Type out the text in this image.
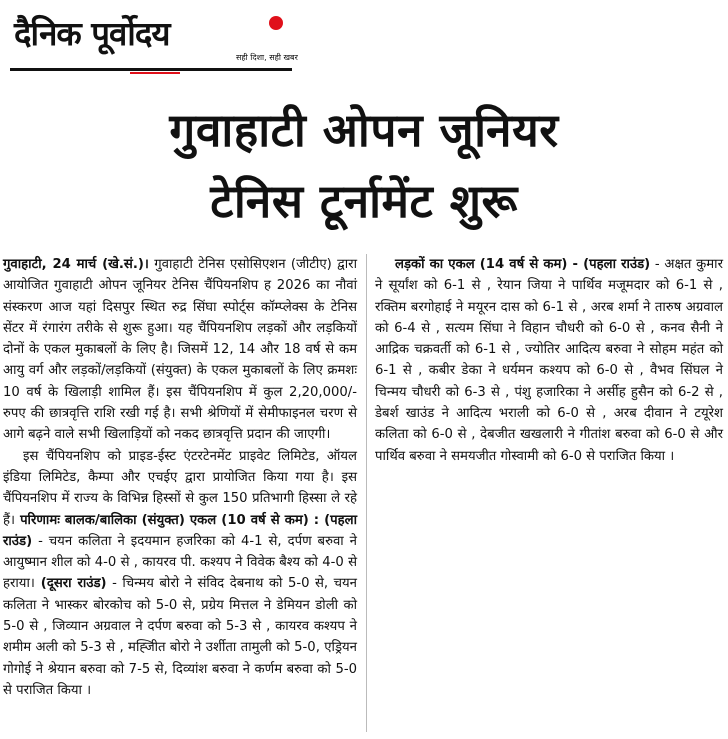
दैनिक पूर्वोदय
सही दिशा, सही खबर
गुवाहाटी ओपन जूनियर
टेनिस टूर्नामेंट शुरू

गुवाहाटी, 24 मार्च (खे.सं.)। गुवाहाटी टेनिस एसोसिएशन (जीटीए) द्वारा आयोजित गुवाहाटी ओपन जूनियर टेनिस चैंपियनशिप ह 2026 का नौवां संस्करण आज यहां दिसपुर स्थित रुद्र सिंघा स्पोर्ट्स कॉम्प्लेक्स के टेनिस सेंटर में रंगारंग तरीके से शुरू हुआ। यह चैंपियनशिप लड़कों और लड़कियों दोनों के एकल मुकाबलों के लिए है। जिसमें 12, 14 और 18 वर्ष से कम आयु वर्ग और लड़कों/लड़कियों (संयुक्त) के एकल मुकाबलों के लिए क्रमशः 10 वर्ष के खिलाड़ी शामिल हैं। इस चैंपियनशिप में कुल 2,20,000/- रुपए की छात्रवृत्ति राशि रखी गई है। सभी श्रेणियों में सेमीफाइनल चरण से आगे बढ़ने वाले सभी खिलाड़ियों को नकद छात्रवृत्ति प्रदान की जाएगी।

इस चैंपियनशिप को प्राइड-ईस्ट एंटरटेनमेंट प्राइवेट लिमिटेड, ऑयल इंडिया लिमिटेड, कैम्पा और एचईए द्वारा प्रायोजित किया गया है। इस चैंपियनशिप में राज्य के विभिन्न हिस्सों से कुल 150 प्रतिभागी हिस्सा ले रहे हैं। परिणामः बालक/बालिका (संयुक्त) एकल (10 वर्ष से कम) : (पहला राउंड) - चयन कलिता ने इदयमान हजरिका को 4-1 से, दर्पण बरुवा ने आयुष्मान शील को 4-0 से , कायरव पी. कश्यप ने विवेक बैश्य को 4-0 से हराया। (दूसरा राउंड) - चिन्मय बोरो ने संविद देबनाथ को 5-0 से, चयन कलिता ने भास्कर बोरकोच को 5-0 से, प्रग्रेय मित्तल ने डेमियन डोली को 5-0 से , जिव्यान अग्रवाल ने दर्पण बरुवा को 5-3 से , कायरव कश्यप ने शमीम अली को 5-3 से , मह्जिीत बोरो ने उर्शीता तामुली को 5-0, एड्रियन गोगोई ने श्रेयान बरुवा को 7-5 से, दिव्यांश बरुवा ने कर्णम बरुवा को 5-0 से पराजित किया ।

लड़कों का एकल (14 वर्ष से कम) - (पहला राउंड) - अक्षत कुमार ने सूर्यांश को 6-1 से , रेयान जिया ने पार्थिव मजूमदार को 6-1 से , रक्तिम बरगोहाई ने मयूरन दास को 6-1 से , अरब शर्मा ने तारुष अग्रवाल को 6-4 से , सत्यम सिंघा ने विहान चौधरी को 6-0 से , कनव सैनी ने आद्रिक चक्रवर्ती को 6-1 से , ज्योतिर आदित्य बरुवा ने सोहम महंत को 6-1 से , कबीर डेका ने धर्यमन कश्यप को 6-0 से , वैभव सिंघल ने चिन्मय चौधरी को 6-3 से , पंशु हजारिका ने अर्सीह हुसैन को 6-2 से , डेबर्श खाउंड ने आदित्य भराली को 6-0 से , अरब दीवान ने टयूरेश कलिता को 6-0 से , देबजीत खखलारी ने गीतांश बरुवा को 6-0 से और पार्थिव बरुवा ने समयजीत गोस्वामी को 6-0 से पराजित किया ।
